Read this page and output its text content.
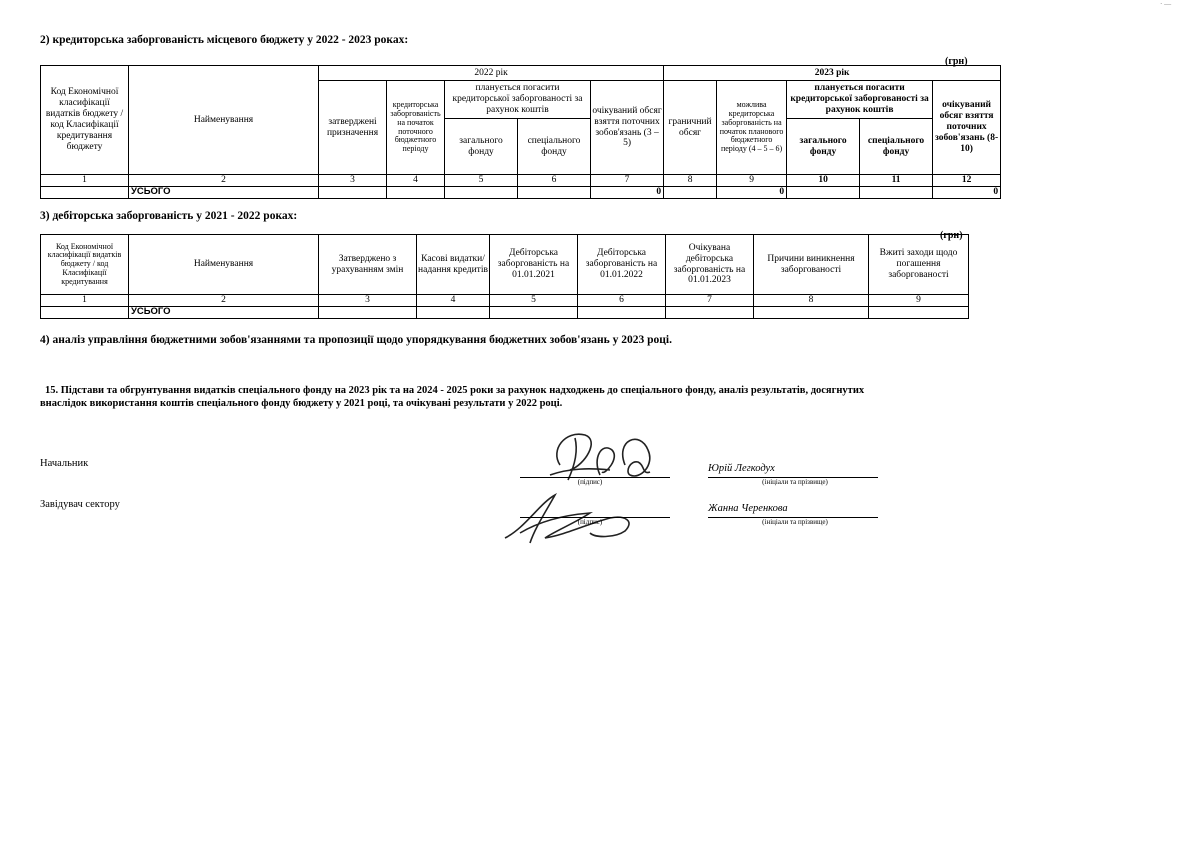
2) кредиторська заборгованість місцевого бюджету у 2022 - 2023 роках:
(грн)
Код Економічної класифікації видатків бюджету / код Класифікації кредитування бюджету	Найменування	2022 рік					2023 рік				
		затверджені призначення	кредиторська заборгованість на початок поточного бюджетного періоду	планується погасити кредиторської заборгованості за рахунок коштів		очікуваний обсяг взяття поточних зобов'язань (3 – 5)	граничний обсяг	можлива кредиторська заборгованість на початок планового бюджетного періоду (4 – 5 – 6)	планується погасити кредиторської заборгованості за рахунок коштів		очікуваний обсяг взяття поточних зобов'язань (8-10)
				загального фонду	спеціального фонду				загального фонду	спеціального фонду	
1	2	3	4	5	6	7	8	9	10	11	12
	УСЬОГО					0		0			0
3) дебіторська заборгованість у 2021 - 2022 роках:
(грн)
Код Економічної класифікації видатків бюджету / код Класифікації кредитування	Найменування	Затверджено з урахуванням змін	Касові видатки/ надання кредитів	Дебіторська заборгованість на 01.01.2021	Дебіторська заборгованість на 01.01.2022	Очікувана дебіторська заборгованість на 01.01.2023	Причини виникнення заборгованості	Вжиті заходи щодо погашення заборгованості
1	2	3	4	5	6	7	8	9
	УСЬОГО							
4) аналіз управління бюджетними зобов'язаннями та пропозиції щодо упорядкування бюджетних зобов'язань у 2023 році.
15. Підстави та обгрунтування видатків спеціального фонду на 2023 рік та на 2024 - 2025 роки за рахунок надходжень до спеціального фонду, аналіз результатів, досягнутих
внаслідок використання коштів спеціального фонду бюджету у 2021 році, та очікувані результати у 2022 році.
Начальник
Завідувач сектору
(підпис)
Юрій Легкодух
(ініціали та прізвище)
(підпис)
Жанна Черенкова
(ініціали та прізвище)
· —
